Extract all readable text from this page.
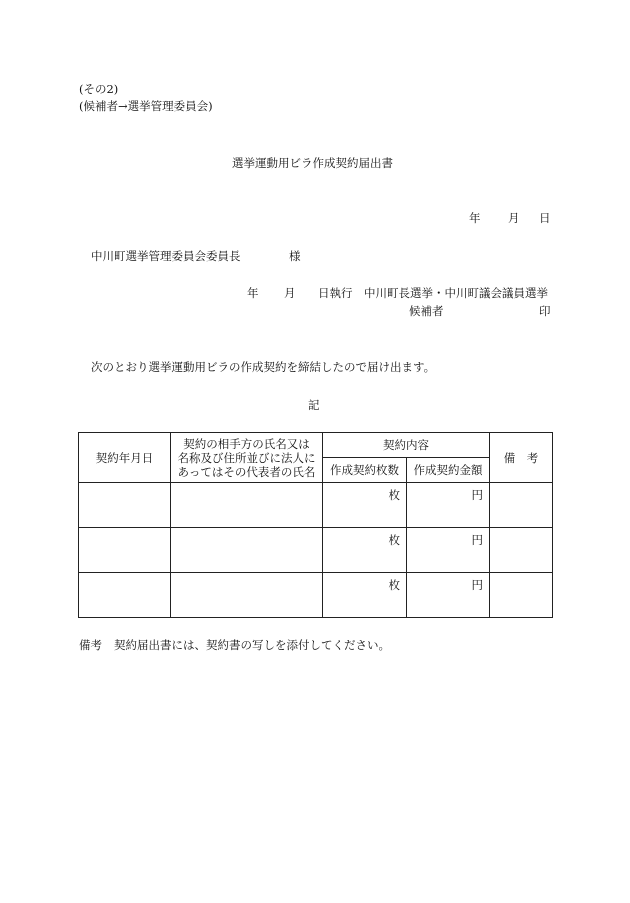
(その2)
(候補者→選挙管理委員会)
選挙運動用ビラ作成契約届出書
年 月 日
中川町選挙管理委員会委員長	様
年 月 日執行 中川町長選挙・中川町議会議員選挙
候補者	印
次のとおり選挙運動用ビラの作成契約を締結したので届け出ます。
記
契約年月日	契約の相手方の氏名又は
名称及び住所並びに法人に
あってはその代表者の氏名	契約内容		備　考
		作成契約枚数	作成契約金額	
		枚	円	
		枚	円	
		枚	円	
備考 契約届出書には、契約書の写しを添付してください。
